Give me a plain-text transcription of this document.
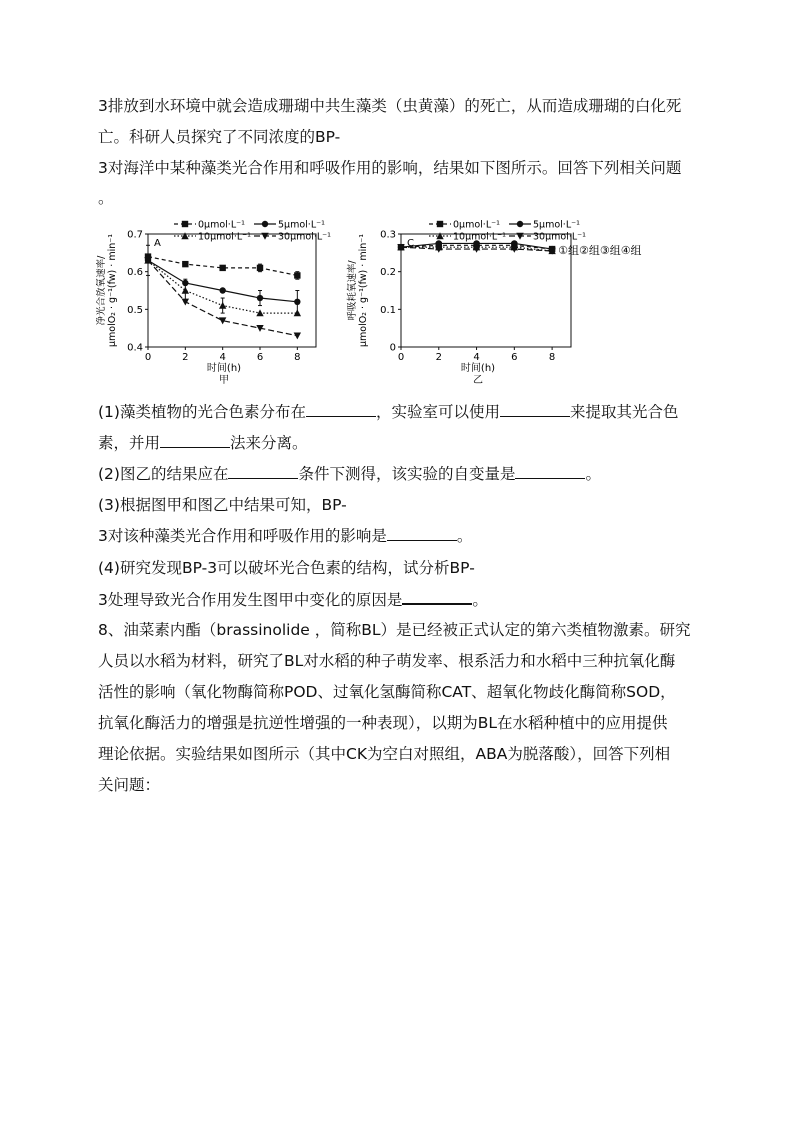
3排放到水环境中就会造成珊瑚中共生藻类（虫黄藻）的死亡，从而造成珊瑚的白化死
亡。科研人员探究了不同浓度的BP-
3对海洋中某种藻类光合作用和呼吸作用的影响，结果如下图所示。回答下列相关问题
。
0.4
0.5
0.6
0.7
0	2	4	6	8
时间(h)
甲
净光合放氧速率/ μmolO₂ · g⁻¹(fw) · min⁻¹	A
0μmol·L⁻¹	5μmol·L⁻¹
10μmol·L⁻¹	30μmol·L⁻¹
0
0.1
0.2
0.3
0	2	4	6	8
时间(h)
乙
呼吸耗氧速率/ μmolO₂ · g⁻¹(fw) · min⁻¹	C
0μmol·L⁻¹	5μmol·L⁻¹
10μmol·L⁻¹	30μmol·L⁻¹
①组②组③组④组
(1)藻类植物的光合色素分布在	，实验室可以使用	来提取其光合色
素，并用	法来分离。
(2)图乙的结果应在	条件下测得，该实验的自变量是	。
(3)根据图甲和图乙中结果可知，BP-
3对该种藻类光合作用和呼吸作用的影响是	。
(4)研究发现BP-3可以破坏光合色素的结构，试分析BP-
3处理导致光合作用发生图甲中变化的原因是	。
8、油菜素内酯（brassinolide ，简称BL）是已经被正式认定的第六类植物激素。研究
人员以水稻为材料，研究了BL对水稻的种子萌发率、根系活力和水稻中三种抗氧化酶
活性的影响（氧化物酶简称POD、过氧化氢酶简称CAT、超氧化物歧化酶简称SOD，
抗氧化酶活力的增强是抗逆性增强的一种表现），以期为BL在水稻种植中的应用提供
理论依据。实验结果如图所示（其中CK为空白对照组，ABA为脱落酸），回答下列相
关问题：
